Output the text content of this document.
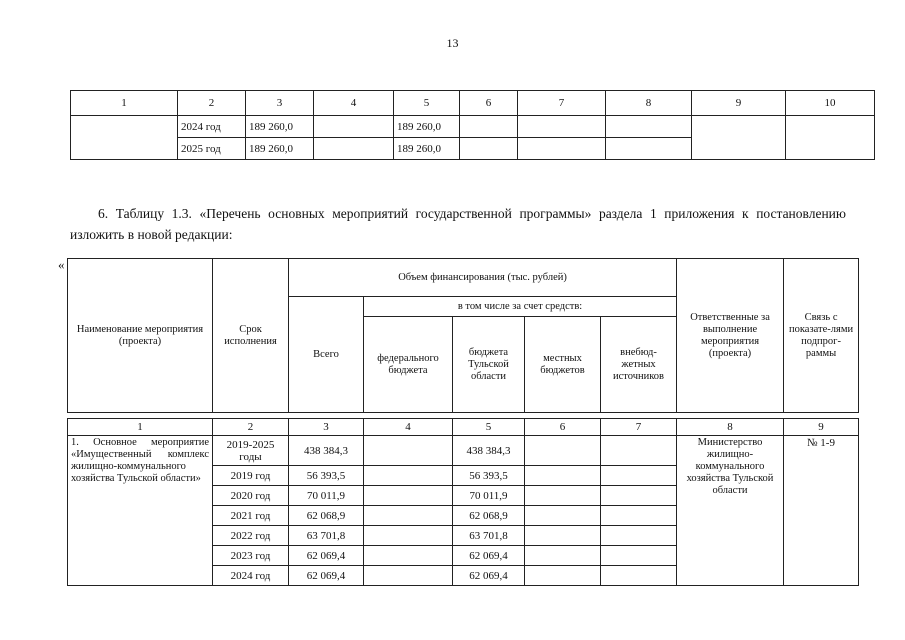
13
1	2	3	4	5	6	7	8	9	10
	2024 год	189 260,0		189 260,0					
	2025 год	189 260,0		189 260,0					
6. Таблицу 1.3. «Перечень основных мероприятий государственной программы» раздела 1 приложения к постановлению изложить в новой редакции:
«
Наименование мероприятия (проекта)	Срок исполнения	Объем финансирования (тыс. рублей)					Ответственные за выполнение мероприятия (проекта)	Связь с показате-лями подпрог-раммы
		Всего	в том числе за счет средств:					
			федерального бюджета	бюджета Тульской области	местных бюджетов	внебюд-жетных источников		
1	2	3	4	5	6	7	8	9
1. Основное мероприятие «Имущественный комплекс жилищно-коммунального хозяйства Тульской области»	2019-2025 годы	438 384,3		438 384,3			Министерство жилищно-коммунального хозяйства Тульской области	№ 1-9
	2019 год	56 393,5		56 393,5				
	2020 год	70 011,9		70 011,9				
	2021 год	62 068,9		62 068,9				
	2022 год	63 701,8		63 701,8				
	2023 год	62 069,4		62 069,4				
	2024 год	62 069,4		62 069,4				
